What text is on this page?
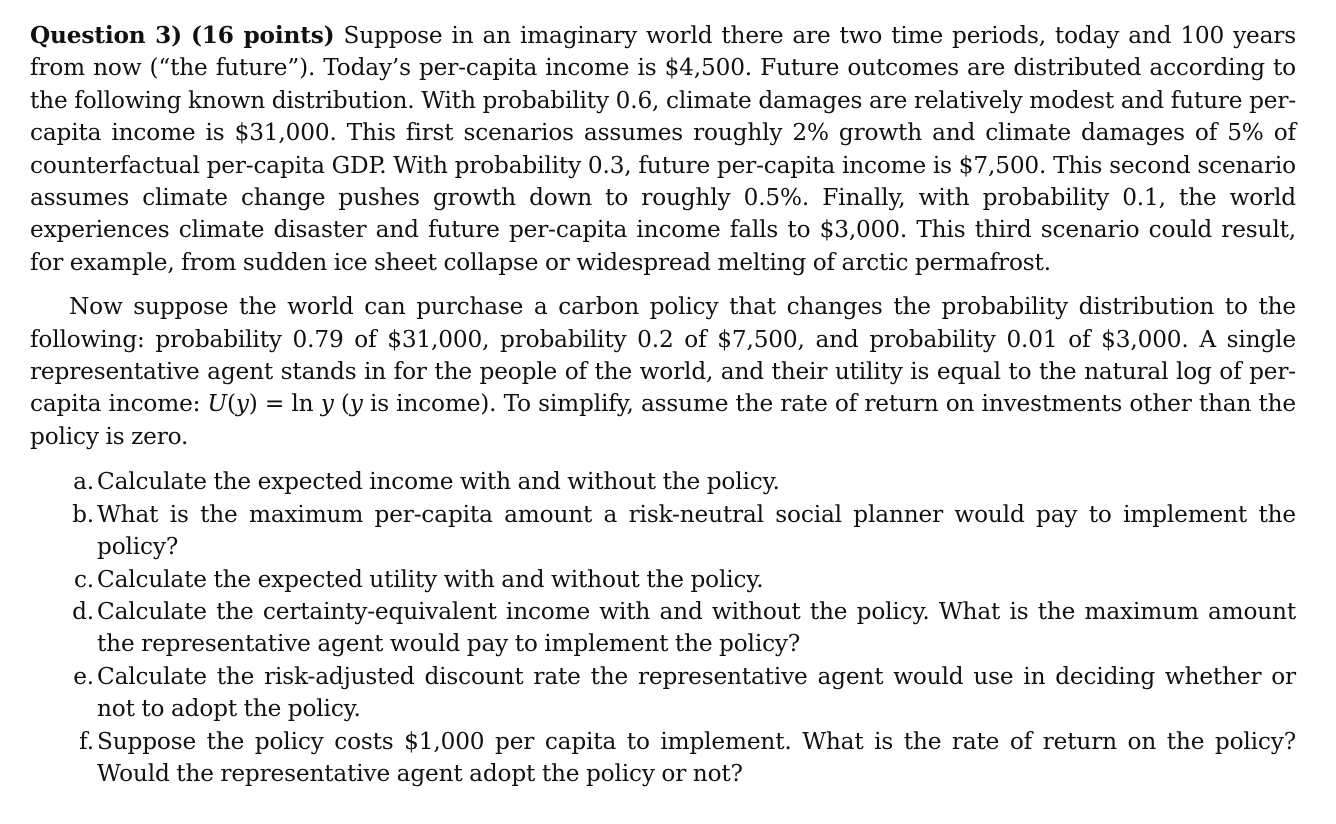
Question 3) (16 points) Suppose in an imaginary world there are two time periods, today and 100 years from now (“the future”). Today’s per-capita income is $4,500. Future outcomes are distributed according to the following known distribution. With probability 0.6, climate damages are relatively modest and future per-capita income is $31,000. This first scenarios assumes roughly 2% growth and climate damages of 5% of counterfactual per-capita GDP. With probability 0.3, future per-capita income is $7,500. This second scenario assumes climate change pushes growth down to roughly 0.5%. Finally, with probability 0.1, the world experiences climate disaster and future per-capita income falls to $3,000. This third scenario could result, for example, from sudden ice sheet collapse or widespread melting of arctic permafrost.

Now suppose the world can purchase a carbon policy that changes the probability distribution to the following: probability 0.79 of $31,000, probability 0.2 of $7,500, and probability 0.01 of $3,000. A single representative agent stands in for the people of the world, and their utility is equal to the natural log of per-capita income: U(y) = ln y (y is income). To simplify, assume the rate of return on investments other than the policy is zero.

a. Calculate the expected income with and without the policy.
b. What is the maximum per-capita amount a risk-neutral social planner would pay to implement the policy?
c. Calculate the expected utility with and without the policy.
d. Calculate the certainty-equivalent income with and without the policy. What is the maximum amount the representative agent would pay to implement the policy?
e. Calculate the risk-adjusted discount rate the representative agent would use in deciding whether or not to adopt the policy.
f. Suppose the policy costs $1,000 per capita to implement. What is the rate of return on the policy? Would the representative agent adopt the policy or not?
